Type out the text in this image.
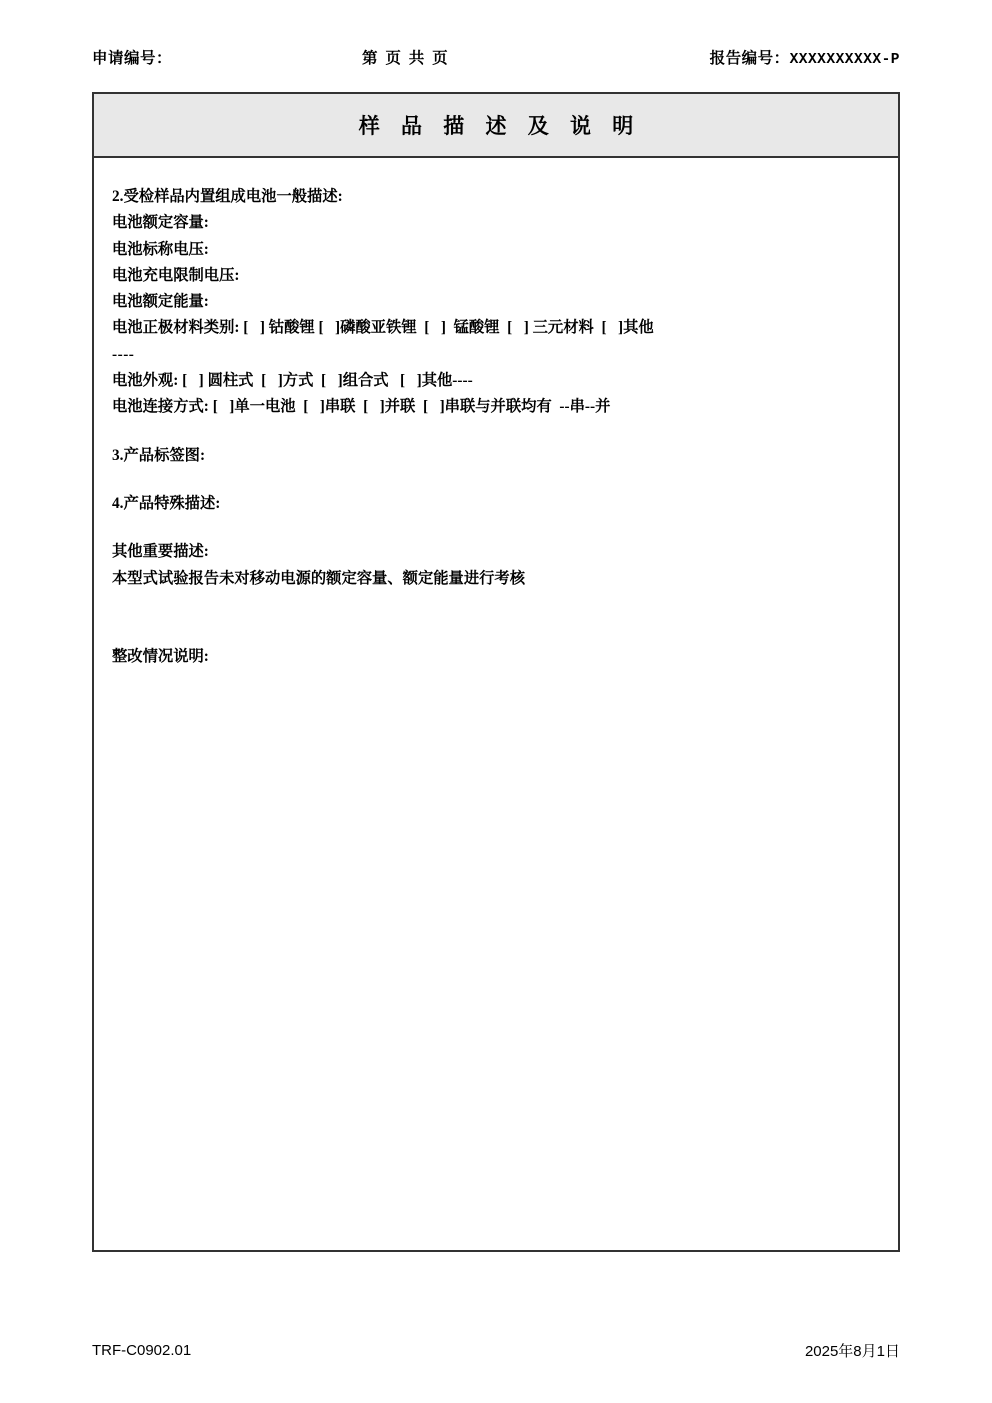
申请编号：	第 页 共 页	报告编号：XXXXXXXXXX-P
样 品 描 述 及 说 明
2.受检样品内置组成电池一般描述:
电池额定容量:
电池标称电压:
电池充电限制电压:
电池额定能量:
电池正极材料类别: [   ] 钴酸锂 [   ]磷酸亚铁锂  [   ]  锰酸锂  [   ] 三元材料  [   ]其他
----
电池外观: [   ] 圆柱式  [   ]方式  [   ]组合式   [   ]其他----
电池连接方式: [   ]单一电池  [   ]串联  [   ]并联  [   ]串联与并联均有  --串--并
3.产品标签图:
4.产品特殊描述:
其他重要描述:
本型式试验报告未对移动电源的额定容量、额定能量进行考核
整改情况说明:
TRF-C0902.01	2025年8月1日
